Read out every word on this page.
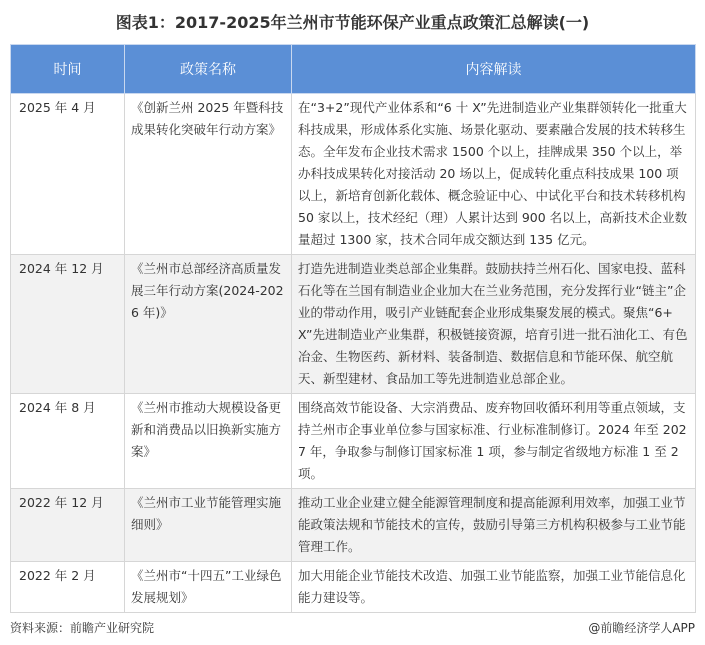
图表1：2017-2025年兰州市节能环保产业重点政策汇总解读(一)
时间	政策名称	内容解读
2025 年 4 月	《创新兰州 2025 年暨科技成果转化突破年行动方案》	在“3+2”现代产业体系和“6 十 X”先进制造业产业集群领转化一批重大科技成果，形成体系化实施、场景化驱动、要素融合发展的技术转移生态。全年发布企业技术需求 1500 个以上，挂牌成果 350 个以上，举办科技成果转化对接活动 20 场以上，促成转化重点科技成果 100 项以上，新培育创新化载体、概念验证中心、中试化平台和技术转移机构 50 家以上，技术经纪（理）人累计达到 900 名以上，高新技术企业数量超过 1300 家，技术合同年成交额达到 135 亿元。
2024 年 12 月	《兰州市总部经济高质量发展三年行动方案(2024-2026 年)》	打造先进制造业类总部企业集群。鼓励扶持兰州石化、国家电投、蓝科石化等在兰国有制造业企业加大在兰业务范围，充分发挥行业“链主”企业的带动作用，吸引产业链配套企业形成集聚发展的模式。聚焦“6+X”先进制造业产业集群，积极链接资源，培育引进一批石油化工、有色冶金、生物医药、新材料、装备制造、数据信息和节能环保、航空航天、新型建材、食品加工等先进制造业总部企业。
2024 年 8 月	《兰州市推动大规模设备更新和消费品以旧换新实施方案》	围绕高效节能设备、大宗消费品、废弃物回收循环利用等重点领域，支持兰州市企事业单位参与国家标准、行业标准制修订。2024 年至 2027 年，争取参与制修订国家标准 1 项，参与制定省级地方标准 1 至 2 项。
2022 年 12 月	《兰州市工业节能管理实施细则》	推动工业企业建立健全能源管理制度和提高能源利用效率，加强工业节能政策法规和节能技术的宣传，鼓励引导第三方机构积极参与工业节能管理工作。
2022 年 2 月	《兰州市“十四五”工业绿色发展规划》	加大用能企业节能技术改造、加强工业节能监察，加强工业节能信息化能力建设等。
资料来源：前瞻产业研究院	@前瞻经济学人APP
